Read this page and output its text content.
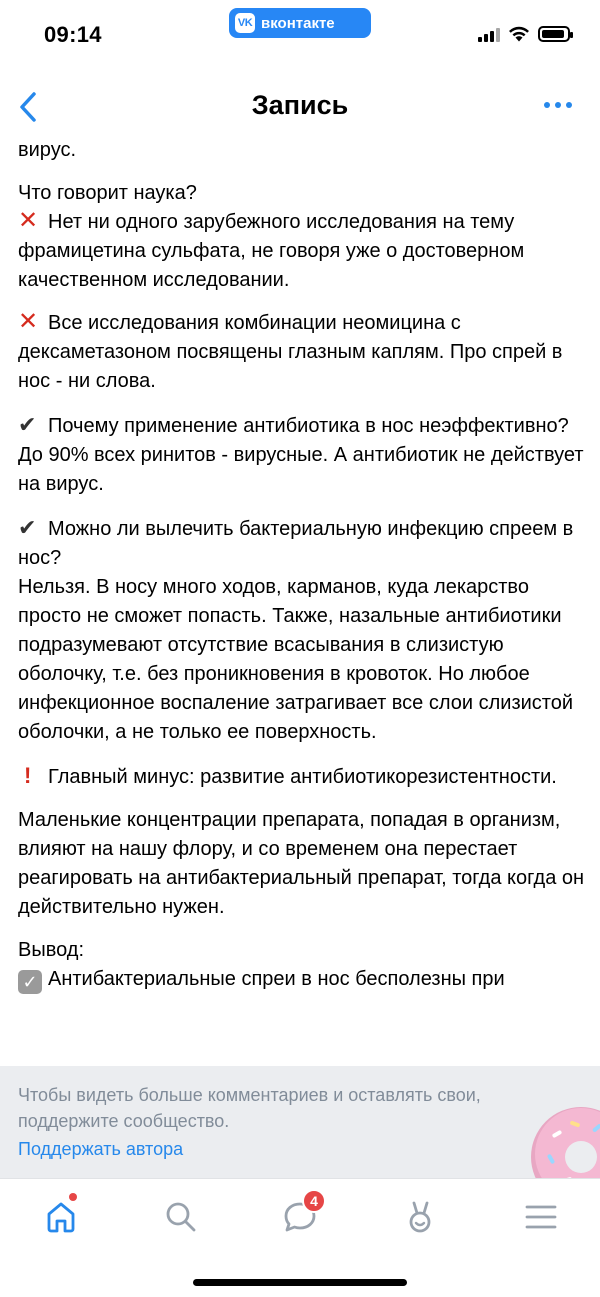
09:14	VK вконтакте
Запись

вирус.

Что говорит наука?
✕ Нет ни одного зарубежного исследования на тему фрамицетина сульфата, не говоря уже о достоверном качественном исследовании.

✕ Все исследования комбинации неомицина с дексаметазоном посвящены глазным каплям. Про спрей в нос - ни слова.

✔ Почему применение антибиотика в нос неэффективно?
До 90% всех ринитов - вирусные. А антибиотик не действует на вирус.

✔ Можно ли вылечить бактериальную инфекцию спреем в нос?
Нельзя. В носу много ходов, карманов, куда лекарство просто не сможет попасть. Также, назальные антибиотики подразумевают отсутствие всасывания в слизистую оболочку, т.е. без проникновения в кровоток. Но любое инфекционное воспаление затрагивает все слои слизистой оболочки, а не только ее поверхность.

! Главный минус: развитие антибиотикорезистентности.

Маленькие концентрации препарата, попадая в организм, влияют на нашу флору, и со временем она перестает реагировать на антибактериальный препарат, тогда когда он действительно нужен.

Вывод:
✓ Антибактериальные спреи в нос бесполезны при

Чтобы видеть больше комментариев и оставлять свои, поддержите сообщество.
Поддержать автора
4
